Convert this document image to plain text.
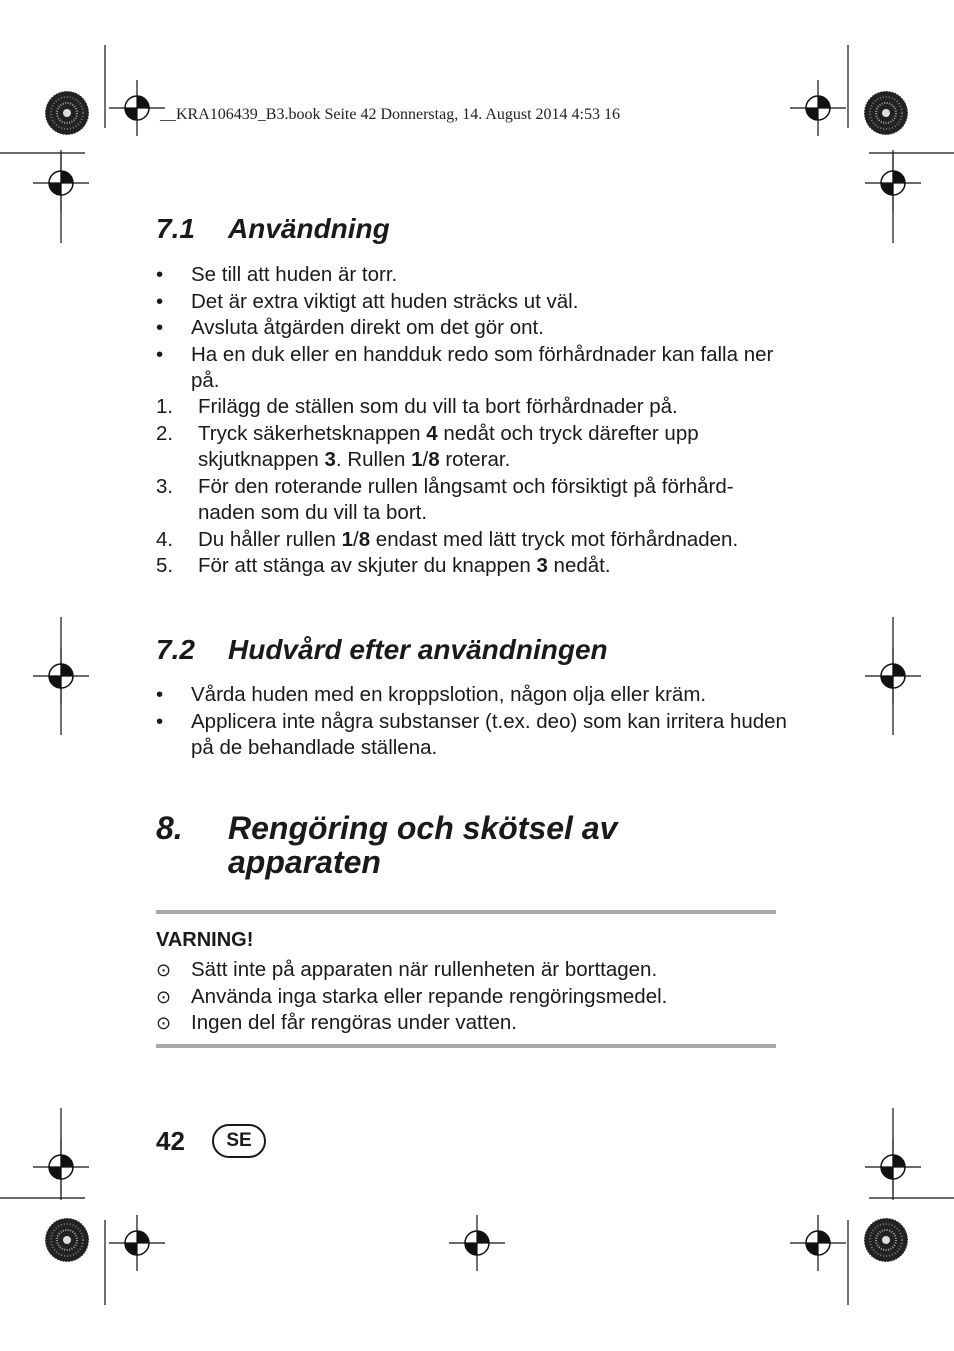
__KRA106439_B3.book Seite 42 Donnerstag, 14. August 2014 4:53 16
7.1 Användning
• Se till att huden är torr.
• Det är extra viktigt att huden sträcks ut väl.
• Avsluta åtgärden direkt om det gör ont.
• Ha en duk eller en handduk redo som förhårdnader kan falla ner på.
1. Frilägg de ställen som du vill ta bort förhårdnader på.
2. Tryck säkerhetsknappen 4 nedåt och tryck därefter upp skjutknappen 3. Rullen 1/8 roterar.
3. För den roterande rullen långsamt och försiktigt på förhård-
naden som du vill ta bort.
4. Du håller rullen 1/8 endast med lätt tryck mot förhårdnaden.
5. För att stänga av skjuter du knappen 3 nedåt.
7.2 Hudvård efter användningen
• Vårda huden med en kroppslotion, någon olja eller kräm.
• Applicera inte några substanser (t.ex. deo) som kan irritera huden på de behandlade ställena.
8. Rengöring och skötsel av apparaten
VARNING!
⊙ Sätt inte på apparaten när rullenheten är borttagen.
⊙ Använda inga starka eller repande rengöringsmedel.
⊙ Ingen del får rengöras under vatten.
42	SE
